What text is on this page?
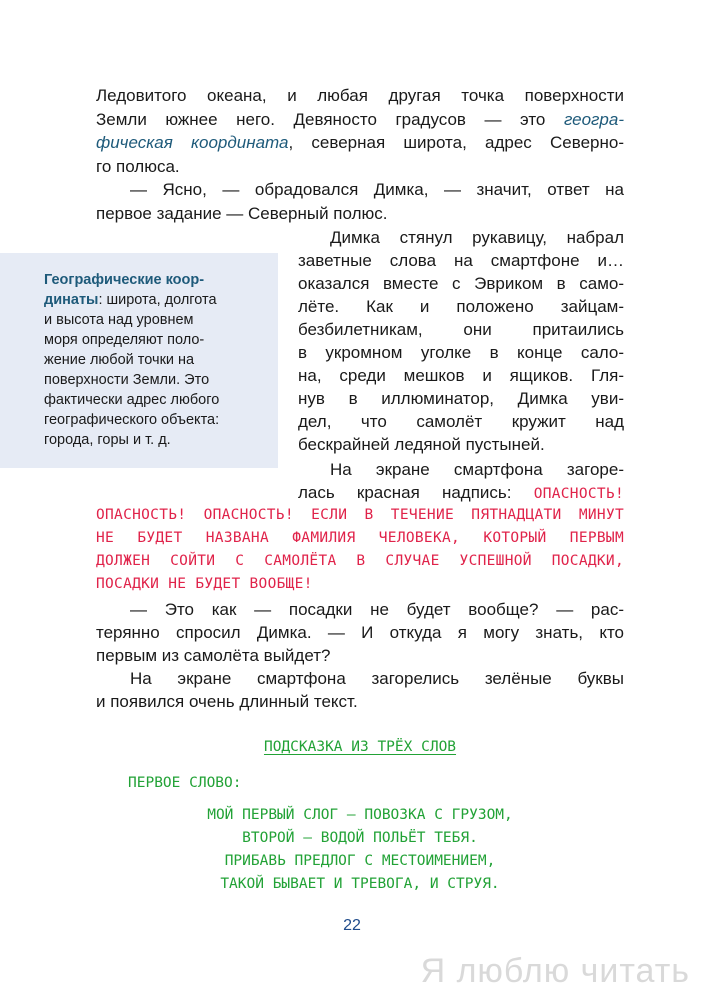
Ледовитого океана, и любая другая точка поверхности
Земли южнее него. Девяносто градусов — это геогра-
фическая координата, северная широта, адрес Северно-
го полюса.
— Ясно, — обрадовался Димка, — значит, ответ на
первое задание — Северный полюс.
Географические коор-
динаты: широта, долгота
и высота над уровнем
моря определяют поло-
жение любой точки на
поверхности Земли. Это
фактически адрес любого
географического объекта:
города, горы и т. д.
Димка стянул рукавицу, набрал
заветные слова на смартфоне и…
оказался вместе с Эвриком в само-
лёте. Как и положено зайцам-
безбилетникам, они притаились
в укромном уголке в конце сало-
на, среди мешков и ящиков. Гля-
нув в иллюминатор, Димка уви-
дел, что самолёт кружит над
бескрайней ледяной пустыней.
На экране смартфона загоре-
лась красная надпись: ОПАСНОСТЬ!
ОПАСНОСТЬ! ОПАСНОСТЬ! ЕСЛИ В ТЕЧЕНИЕ ПЯТНАДЦАТИ МИНУТ
НЕ БУДЕТ НАЗВАНА ФАМИЛИЯ ЧЕЛОВЕКА, КОТОРЫЙ ПЕРВЫМ
ДОЛЖЕН СОЙТИ С САМОЛЁТА В СЛУЧАЕ УСПЕШНОЙ ПОСАДКИ,
ПОСАДКИ НЕ БУДЕТ ВООБЩЕ!
— Это как — посадки не будет вообще? — рас-
терянно спросил Димка. — И откуда я могу знать, кто
первым из самолёта выйдет?
На экране смартфона загорелись зелёные буквы
и появился очень длинный текст.
ПОДСКАЗКА ИЗ ТРЁХ СЛОВ
ПЕРВОЕ СЛОВО:
МОЙ ПЕРВЫЙ СЛОГ — ПОВОЗКА С ГРУЗОМ,
ВТОРОЙ — ВОДОЙ ПОЛЬЁТ ТЕБЯ.
ПРИБАВЬ ПРЕДЛОГ С МЕСТОИМЕНИЕМ,
ТАКОЙ БЫВАЕТ И ТРЕВОГА, И СТРУЯ.
22
Я люблю читать
